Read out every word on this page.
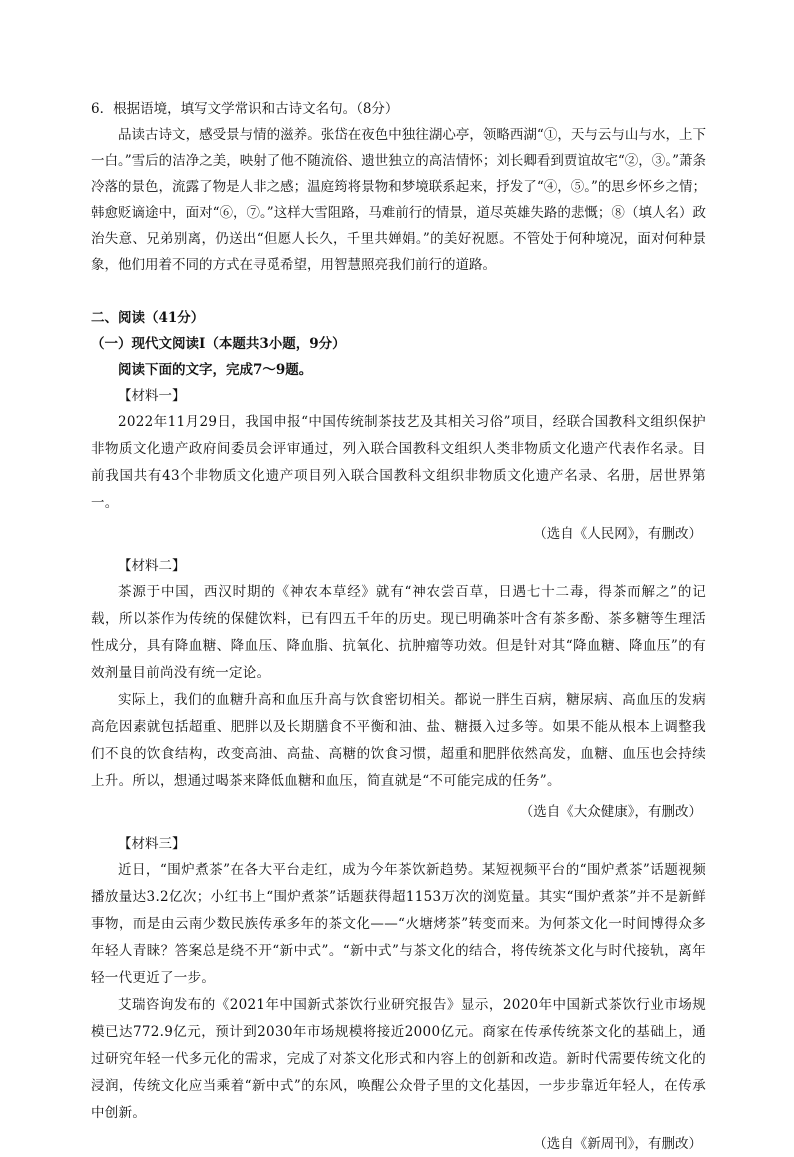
6．根据语境，填写文学常识和古诗文名句。（8分）

品读古诗文，感受景与情的滋养。张岱在夜色中独往湖心亭，领略西湖“①，天与云与山与水，上下一白。”雪后的洁净之美，映射了他不随流俗、遗世独立的高洁情怀；刘长卿看到贾谊故宅“②，③。”萧条冷落的景色，流露了物是人非之感；温庭筠将景物和梦境联系起来，抒发了“④，⑤。”的思乡怀乡之情；韩愈贬谪途中，面对“⑥，⑦。”这样大雪阻路，马难前行的情景，道尽英雄失路的悲慨；⑧（填人名）政治失意、兄弟别离，仍送出“但愿人长久，千里共婵娟。”的美好祝愿。不管处于何种境况，面对何种景象，他们用着不同的方式在寻觅希望，用智慧照亮我们前行的道路。

二、阅读（41分）

（一）现代文阅读Ⅰ（本题共3小题，9分）

阅读下面的文字，完成7～9题。

【材料一】

2022年11月29日，我国申报“中国传统制茶技艺及其相关习俗”项目，经联合国教科文组织保护非物质文化遗产政府间委员会评审通过，列入联合国教科文组织人类非物质文化遗产代表作名录。目前我国共有43个非物质文化遗产项目列入联合国教科文组织非物质文化遗产名录、名册，居世界第一。

（选自《人民网》，有删改）

【材料二】

茶源于中国，西汉时期的《神农本草经》就有“神农尝百草，日遇七十二毒，得茶而解之”的记载，所以茶作为传统的保健饮料，已有四五千年的历史。现已明确茶叶含有茶多酚、茶多糖等生理活性成分，具有降血糖、降血压、降血脂、抗氧化、抗肿瘤等功效。但是针对其“降血糖、降血压”的有效剂量目前尚没有统一定论。

实际上，我们的血糖升高和血压升高与饮食密切相关。都说一胖生百病，糖尿病、高血压的发病高危因素就包括超重、肥胖以及长期膳食不平衡和油、盐、糖摄入过多等。如果不能从根本上调整我们不良的饮食结构，改变高油、高盐、高糖的饮食习惯，超重和肥胖依然高发，血糖、血压也会持续上升。所以，想通过喝茶来降低血糖和血压，简直就是“不可能完成的任务”。

（选自《大众健康》，有删改）

【材料三】

近日，“围炉煮茶”在各大平台走红，成为今年茶饮新趋势。某短视频平台的“围炉煮茶”话题视频播放量达3.2亿次；小红书上“围炉煮茶”话题获得超1153万次的浏览量。其实“围炉煮茶”并不是新鲜事物，而是由云南少数民族传承多年的茶文化——“火塘烤茶”转变而来。为何茶文化一时间博得众多年轻人青睐？答案总是绕不开“新中式”。“新中式”与茶文化的结合，将传统茶文化与时代接轨，离年轻一代更近了一步。

艾瑞咨询发布的《2021年中国新式茶饮行业研究报告》显示，2020年中国新式茶饮行业市场规模已达772.9亿元，预计到2030年市场规模将接近2000亿元。商家在传承传统茶文化的基础上，通过研究年轻一代多元化的需求，完成了对茶文化形式和内容上的创新和改造。新时代需要传统文化的浸润，传统文化应当乘着“新中式”的东风，唤醒公众骨子里的文化基因，一步步靠近年轻人，在传承中创新。

（选自《新周刊》，有删改）
